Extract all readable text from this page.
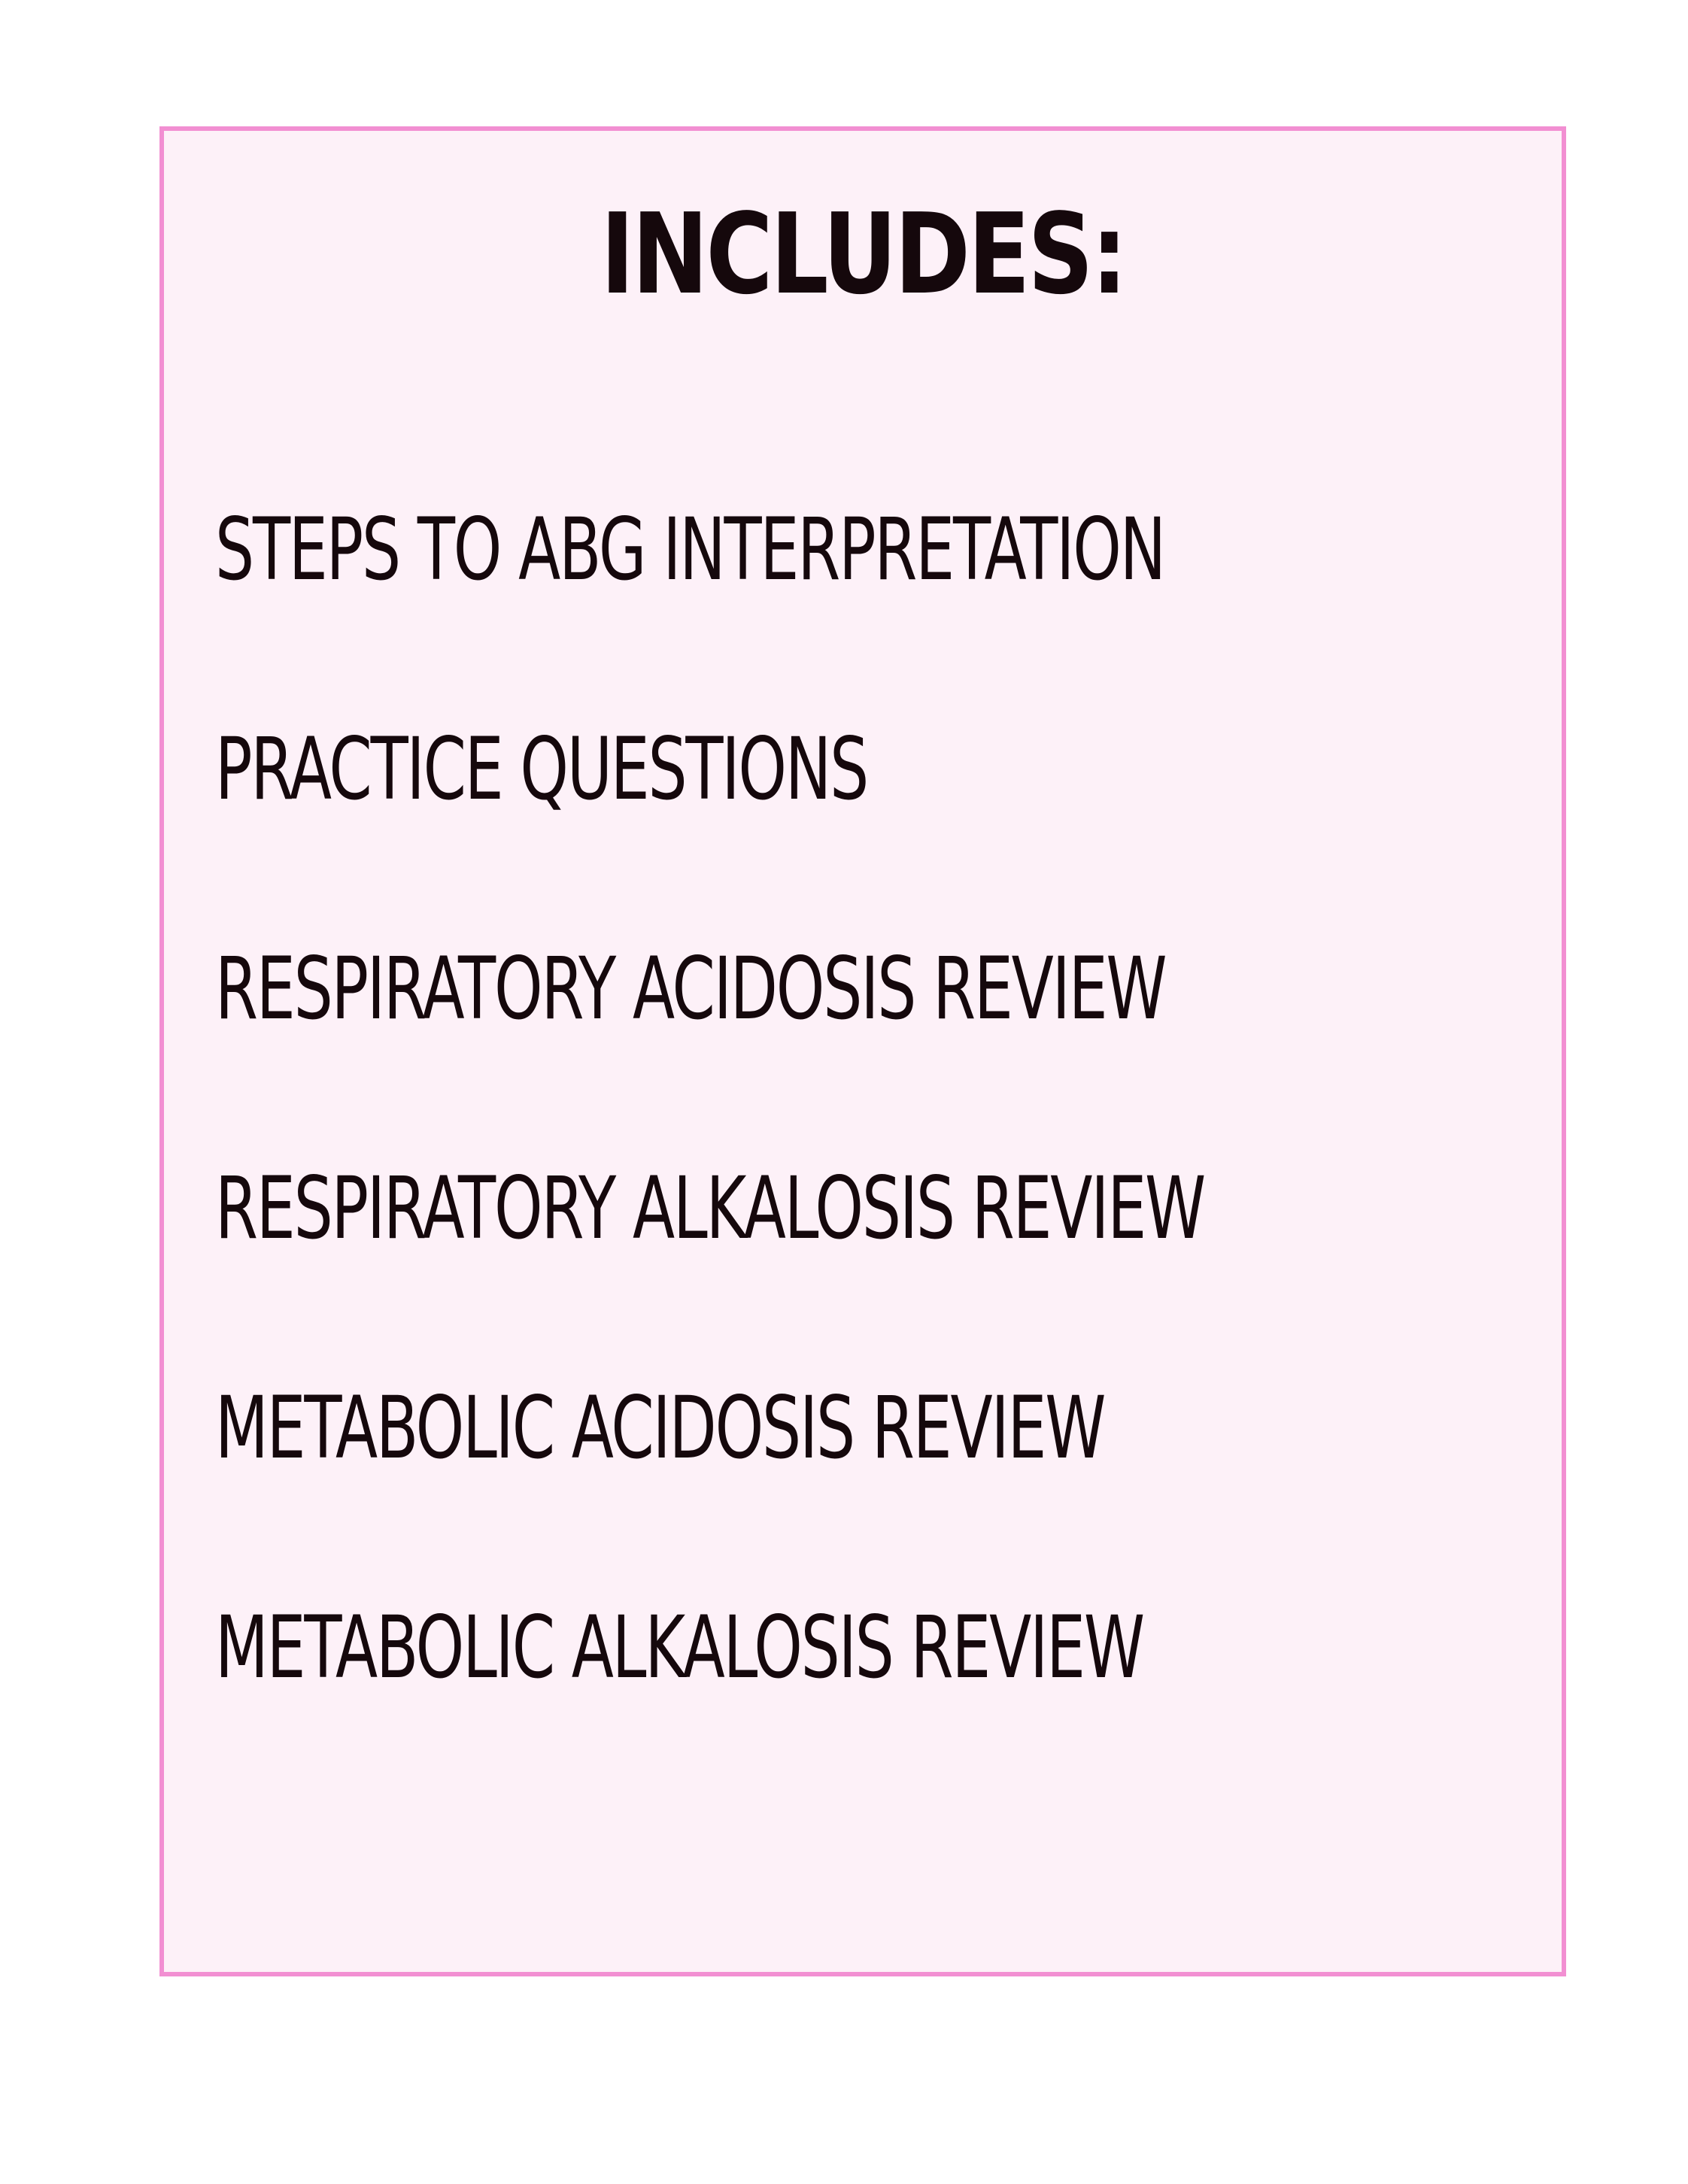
INCLUDES:
STEPS TO ABG INTERPRETATION
PRACTICE QUESTIONS
RESPIRATORY ACIDOSIS REVIEW
RESPIRATORY ALKALOSIS REVIEW
METABOLIC ACIDOSIS REVIEW
METABOLIC ALKALOSIS REVIEW
